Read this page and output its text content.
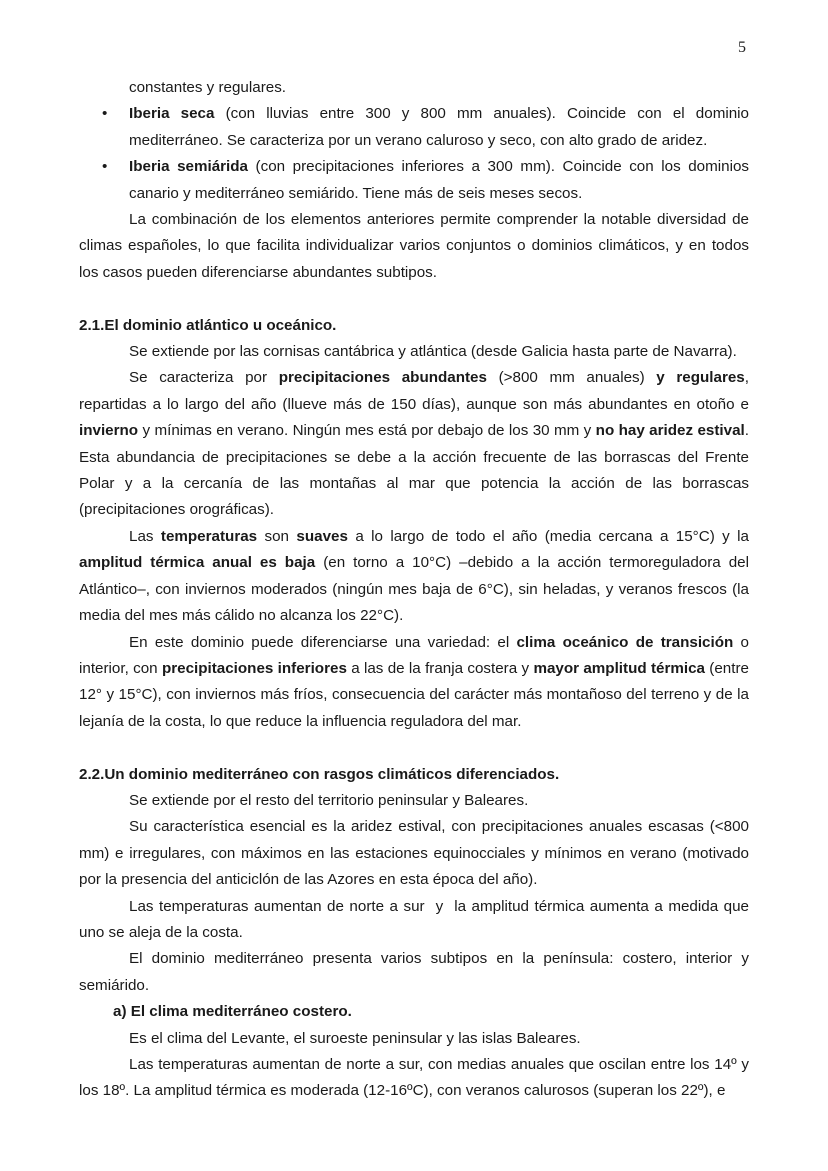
5

constantes y regulares.

• Iberia seca (con lluvias entre 300 y 800 mm anuales). Coincide con el dominio mediterráneo. Se caracteriza por un verano caluroso y seco, con alto grado de aridez.
• Iberia semiárida (con precipitaciones inferiores a 300 mm). Coincide con los dominios canario y mediterráneo semiárido. Tiene más de seis meses secos.

La combinación de los elementos anteriores permite comprender la notable diversidad de climas españoles, lo que facilita individualizar varios conjuntos o dominios climáticos, y en todos los casos pueden diferenciarse abundantes subtipos.

2.1.El dominio atlántico u oceánico.

Se extiende por las cornisas cantábrica y atlántica (desde Galicia hasta parte de Navarra).

Se caracteriza por precipitaciones abundantes (>800 mm anuales) y regulares, repartidas a lo largo del año (llueve más de 150 días), aunque son más abundantes en otoño e invierno y mínimas en verano. Ningún mes está por debajo de los 30 mm y no hay aridez estival. Esta abundancia de precipitaciones se debe a la acción frecuente de las borrascas del Frente Polar y a la cercanía de las montañas al mar que potencia la acción de las borrascas (precipitaciones orográficas).

Las temperaturas son suaves a lo largo de todo el año (media cercana a 15°C) y la amplitud térmica anual es baja (en torno a 10°C) –debido a la acción termoreguladora del Atlántico–, con inviernos moderados (ningún mes baja de 6°C), sin heladas, y veranos frescos (la media del mes más cálido no alcanza los 22°C).

En este dominio puede diferenciarse una variedad: el clima oceánico de transición o interior, con precipitaciones inferiores a las de la franja costera y mayor amplitud térmica (entre 12° y 15°C), con inviernos más fríos, consecuencia del carácter más montañoso del terreno y de la lejanía de la costa, lo que reduce la influencia reguladora del mar.

2.2.Un dominio mediterráneo con rasgos climáticos diferenciados.

Se extiende por el resto del territorio peninsular y Baleares.

Su característica esencial es la aridez estival, con precipitaciones anuales escasas (<800 mm) e irregulares, con máximos en las estaciones equinocciales y mínimos en verano (motivado por la presencia del anticiclón de las Azores en esta época del año).

Las temperaturas aumentan de norte a sur  y  la amplitud térmica aumenta a medida que uno se aleja de la costa.

El dominio mediterráneo presenta varios subtipos en la península: costero, interior y semiárido.

a) El clima mediterráneo costero.

Es el clima del Levante, el suroeste peninsular y las islas Baleares.

Las temperaturas aumentan de norte a sur, con medias anuales que oscilan entre los 14º y los 18º. La amplitud térmica es moderada (12-16ºC), con veranos calurosos (superan los 22º), e
